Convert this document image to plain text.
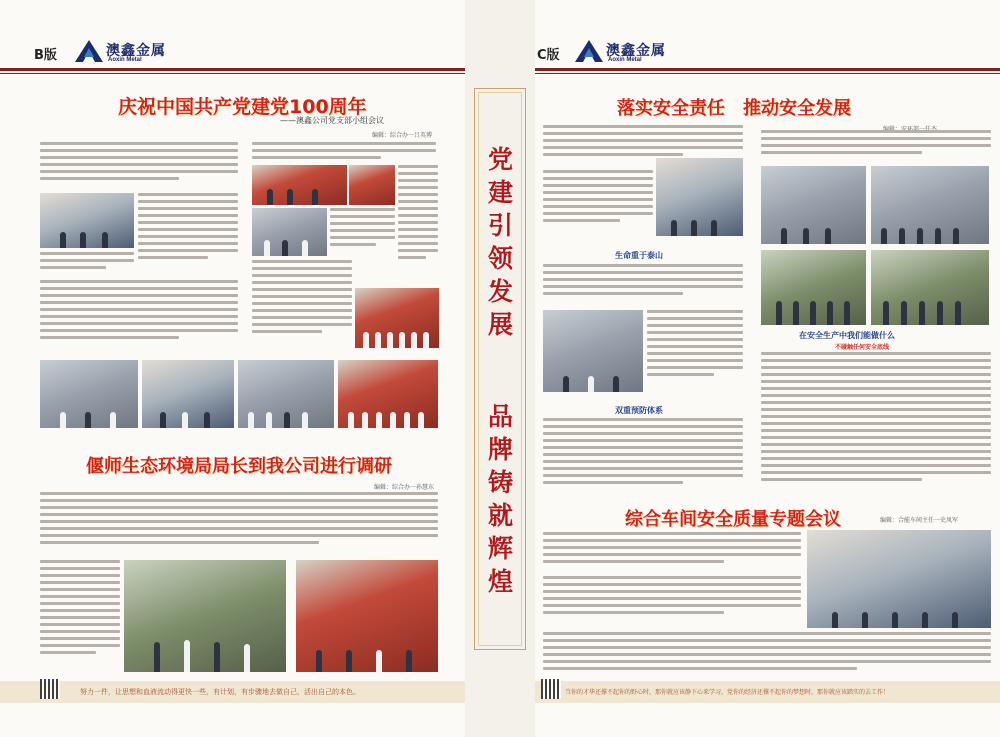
B版	澳鑫金属
Aoxin Metal
庆祝中国共产党建党100周年
——澳鑫公司党支部小组会议
编辑：综合办一吕英博
偃师生态环境局局长到我公司进行调研
编辑：综合办一孙慧东
努力一件，让思想和血液流动得更快一些，有计划，有步骤地去做自己，活出自己的本色。
党
建
引
领
发
展
品
牌
铸
就
辉
煌
C版	澳鑫金属
Aoxin Metal
落实安全责任　推动安全发展
生命重于泰山
双重预防体系
在安全生产中我们能做什么
不碰触任何安全底线
综合车间安全质量专题会议	编辑：合能车间主任一史凤军
当你的才华还撑不起你的野心时，那你就应该静下心来学习，党你的经济还撑不起你的梦想时，那你就应该踏实的去工作！
